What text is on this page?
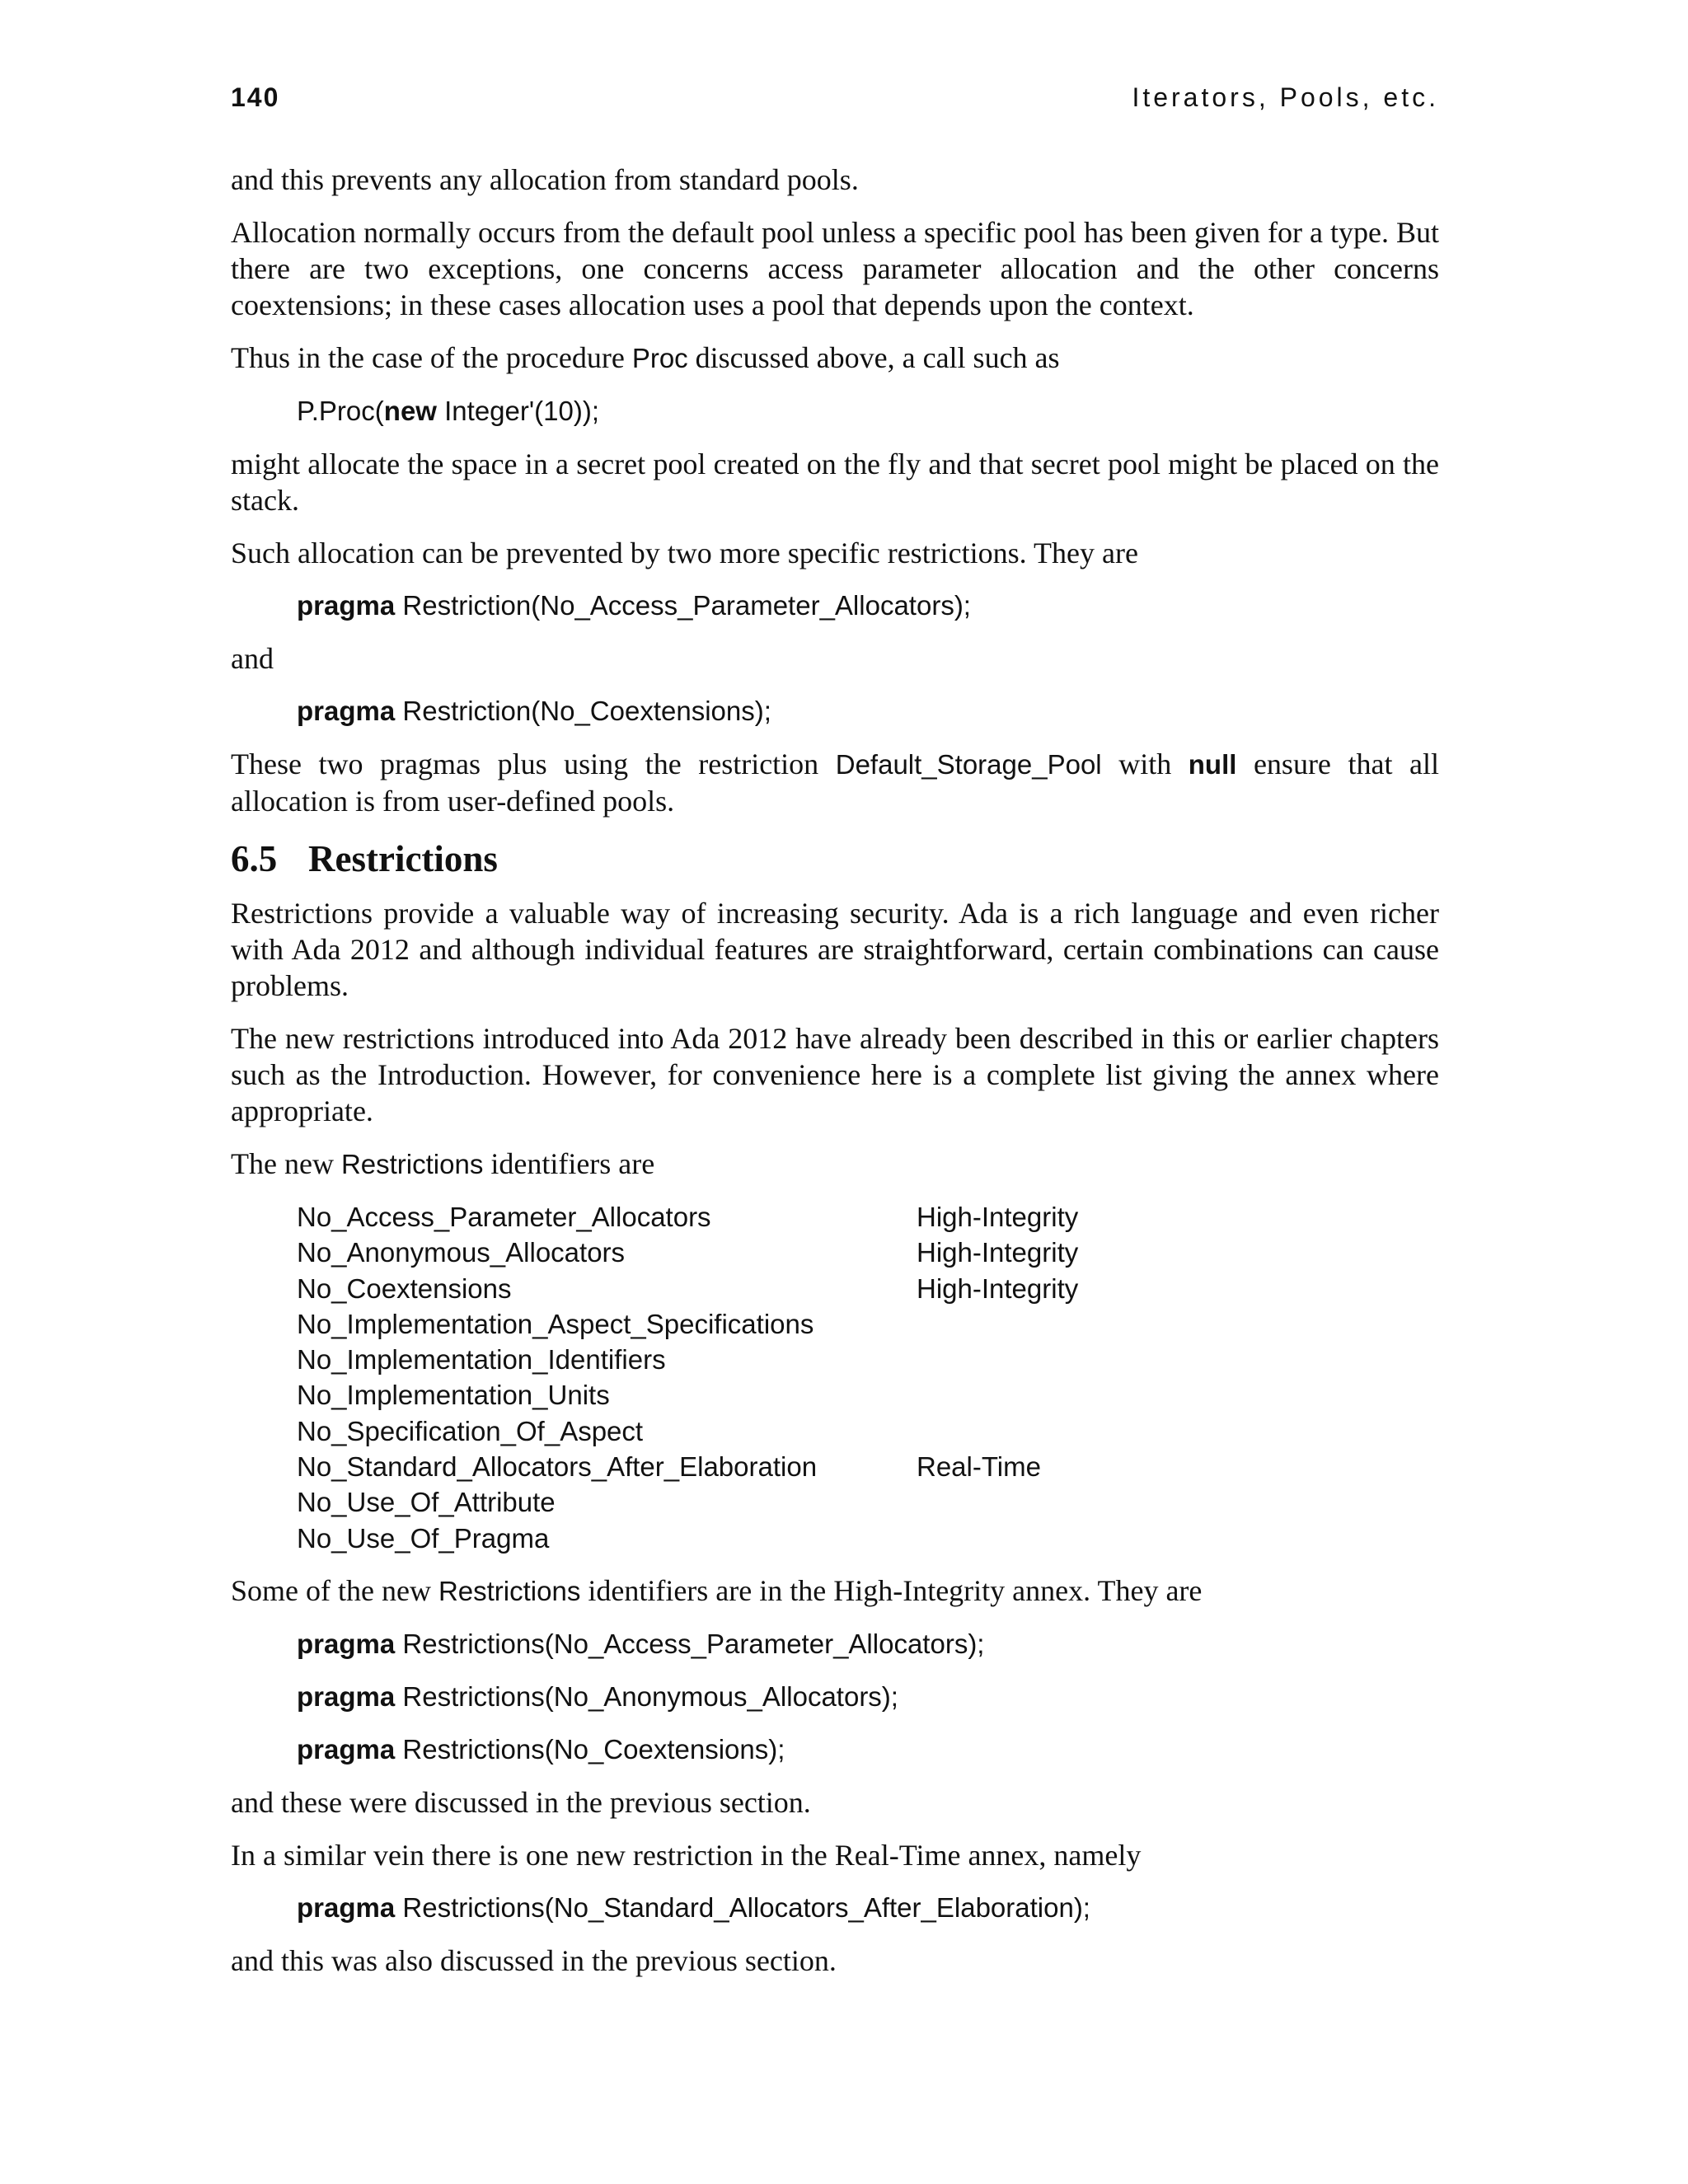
140	Iterators, Pools, etc.

and this prevents any allocation from standard pools.

Allocation normally occurs from the default pool unless a specific pool has been given for a type. But there are two exceptions, one concerns access parameter allocation and the other concerns coextensions; in these cases allocation uses a pool that depends upon the context.

Thus in the case of the procedure Proc discussed above, a call such as

P.Proc(new Integer'(10));

might allocate the space in a secret pool created on the fly and that secret pool might be placed on the stack.

Such allocation can be prevented by two more specific restrictions. They are

pragma Restriction(No_Access_Parameter_Allocators);

and

pragma Restriction(No_Coextensions);

These two pragmas plus using the restriction Default_Storage_Pool with null ensure that all allocation is from user-defined pools.

6.5 Restrictions

Restrictions provide a valuable way of increasing security. Ada is a rich language and even richer with Ada 2012 and although individual features are straightforward, certain combinations can cause problems.

The new restrictions introduced into Ada 2012 have already been described in this or earlier chapters such as the Introduction. However, for convenience here is a complete list giving the annex where appropriate.

The new Restrictions identifiers are

No_Access_Parameter_Allocators	High-Integrity
No_Anonymous_Allocators	High-Integrity
No_Coextensions	High-Integrity
No_Implementation_Aspect_Specifications
No_Implementation_Identifiers
No_Implementation_Units
No_Specification_Of_Aspect
No_Standard_Allocators_After_Elaboration	Real-Time
No_Use_Of_Attribute
No_Use_Of_Pragma

Some of the new Restrictions identifiers are in the High-Integrity annex. They are

pragma Restrictions(No_Access_Parameter_Allocators);
pragma Restrictions(No_Anonymous_Allocators);
pragma Restrictions(No_Coextensions);

and these were discussed in the previous section.

In a similar vein there is one new restriction in the Real-Time annex, namely

pragma Restrictions(No_Standard_Allocators_After_Elaboration);

and this was also discussed in the previous section.
